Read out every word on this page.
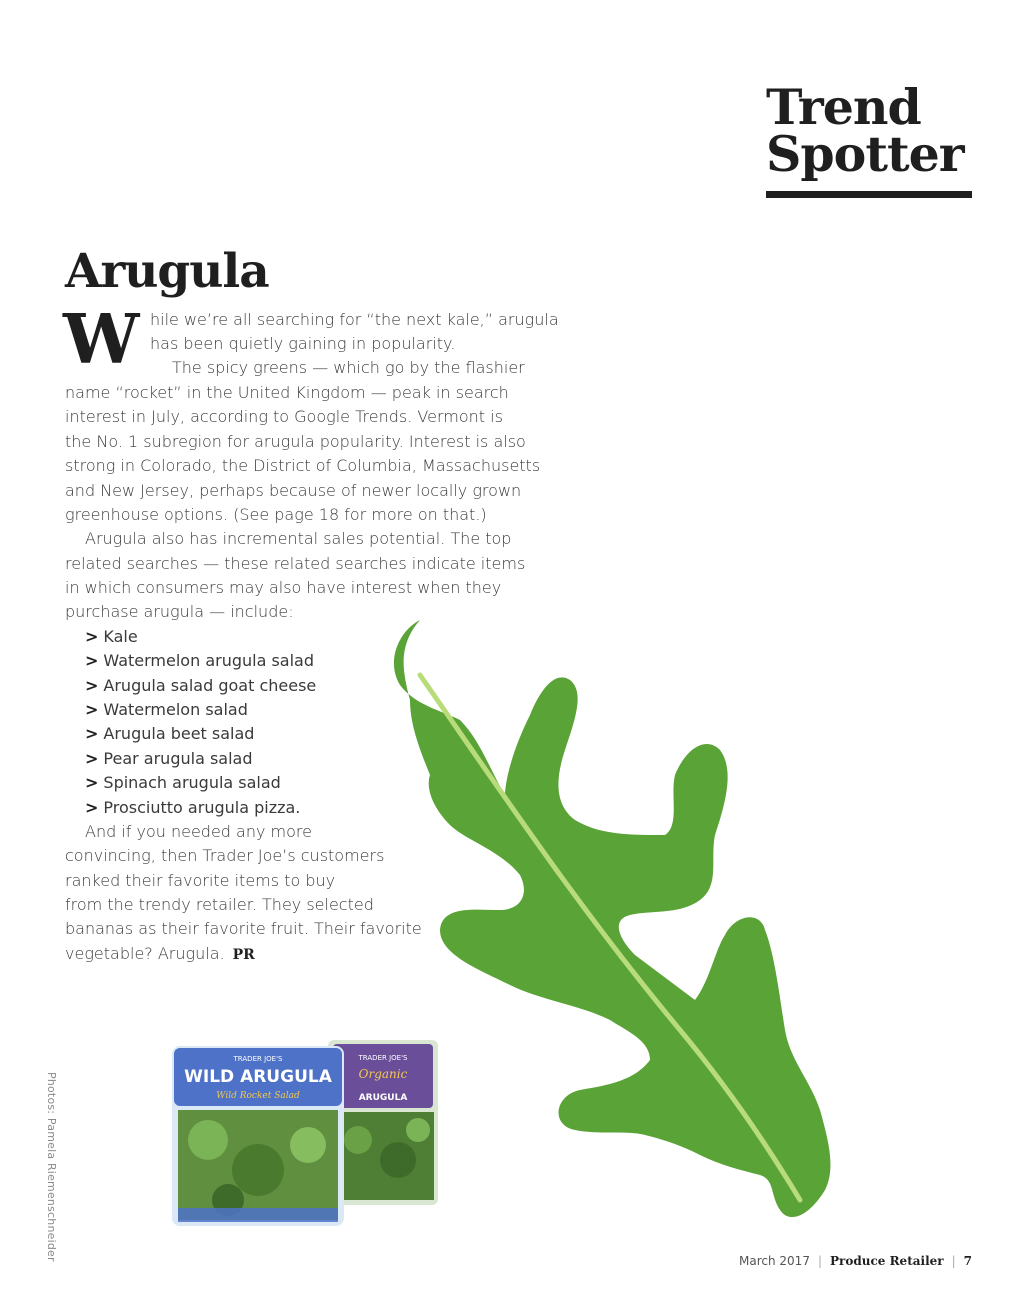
Trend
Spotter
Arugula
W hile we’re all searching for “the next kale,” arugula
has been quietly gaining in popularity.
The spicy greens — which go by the flashier
name “rocket” in the United Kingdom — peak in search
interest in July, according to Google Trends. Vermont is
the No. 1 subregion for arugula popularity. Interest is also
strong in Colorado, the District of Columbia, Massachusetts
and New Jersey, perhaps because of newer locally grown
greenhouse options. (See page 18 for more on that.)
Arugula also has incremental sales potential. The top
related searches — these related searches indicate items
in which consumers may also have interest when they
purchase arugula — include:
> Kale
> Watermelon arugula salad
> Arugula salad goat cheese
> Watermelon salad
> Arugula beet salad
> Pear arugula salad
> Spinach arugula salad
> Prosciutto arugula pizza.
And if you needed any more
convincing, then Trader Joe’s customers
ranked their favorite items to buy
from the trendy retailer. They selected
bananas as their favorite fruit. Their favorite
vegetable? Arugula. PR
TRADER JOE'S
Organic
ARUGULA
TRADER JOE'S
WILD ARUGULA
Wild Rocket Salad
Photos: Pamela Riemenschneider	March 2017 | Produce Retailer | 7
